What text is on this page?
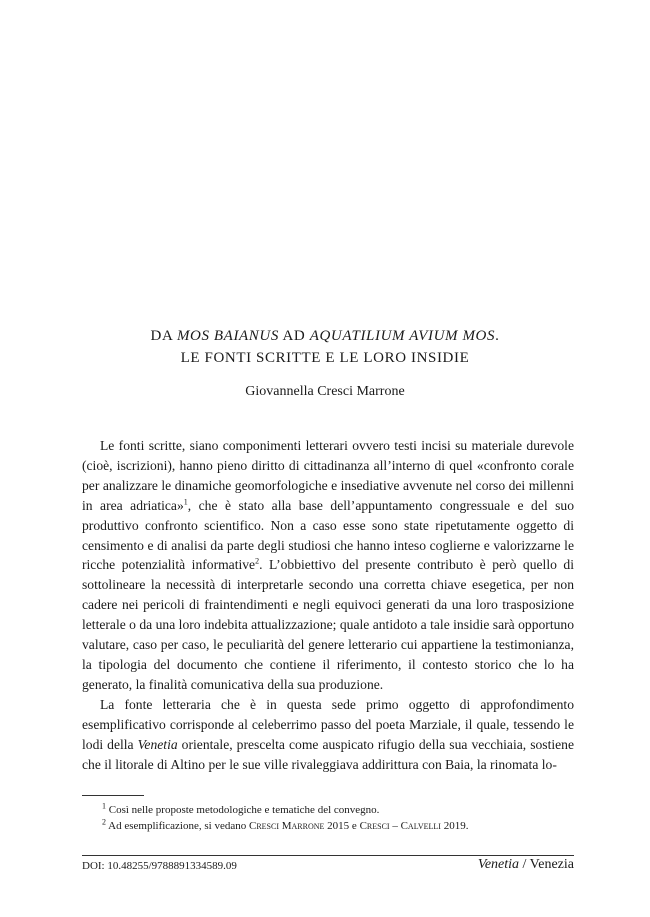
DA MOS BAIANUS AD AQUATILIUM AVIUM MOS.
LE FONTI SCRITTE E LE LORO INSIDIE
Giovannella Cresci Marrone

Le fonti scritte, siano componimenti letterari ovvero testi incisi su materiale durevole (cioè, iscrizioni), hanno pieno diritto di cittadinanza all’interno di quel «confronto corale per analizzare le dinamiche geomorfologiche e insediative avvenute nel corso dei millenni in area adriatica»$^1$, che è stato alla base dell’appuntamento congressuale e del suo produttivo confronto scientifico. Non a caso esse sono state ripetutamente oggetto di censimento e di analisi da parte degli studiosi che hanno inteso coglierne e valorizzarne le ricche potenzialità informative$^2$. L’obbiettivo del presente contributo è però quello di sottolineare la necessità di interpretarle secondo una corretta chiave esegetica, per non cadere nei pericoli di fraintendimenti e negli equivoci generati da una loro trasposizione letterale o da una loro indebita attualizzazione; quale antidoto a tale insidie sarà opportuno valutare, caso per caso, le peculiarità del genere letterario cui appartiene la testimonianza, la tipologia del documento che contiene il riferimento, il contesto storico che lo ha generato, la finalità comunicativa della sua produzione.

La fonte letteraria che è in questa sede primo oggetto di approfondimento esemplificativo corrisponde al celeberrimo passo del poeta Marziale, il quale, tessendo le lodi della Venetia orientale, prescelta come auspicato rifugio della sua vecchiaia, sostiene che il litorale di Altino per le sue ville rivaleggiava addirittura con Baia, la rinomata lo-

$^1$ Così nelle proposte metodologiche e tematiche del convegno.

$^2$ Ad esemplificazione, si vedano Cresci Marrone 2015 e Cresci – Calvelli 2019.

DOI: 10.48255/9788891334589.09	Venetia / Venezia
